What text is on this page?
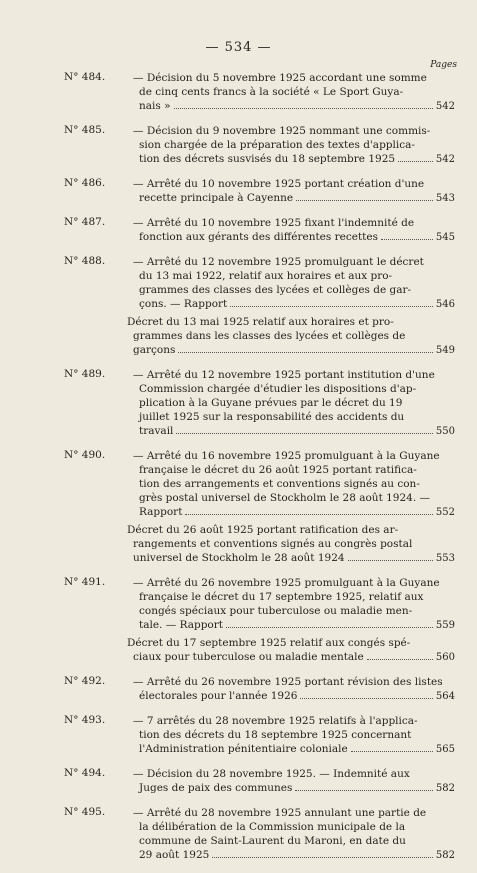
— 534 —
Pages
N° 484.	— Décision du 5 novembre 1925 accordant une somme
de cinq cents francs à la société « Le Sport Guya-
nais »	542
N° 485.	— Décision du 9 novembre 1925 nommant une commis-
sion chargée de la préparation des textes d'applica-
tion des décrets susvisés du 18 septembre 1925	542
N° 486.	— Arrêté du 10 novembre 1925 portant création d'une
recette principale à Cayenne	543
N° 487.	— Arrêté du 10 novembre 1925 fixant l'indemnité de
fonction aux gérants des différentes recettes	545
N° 488.	— Arrêté du 12 novembre 1925 promulguant le décret
du 13 mai 1922, relatif aux horaires et aux pro-
grammes des classes des lycées et collèges de gar-
çons. — Rapport	546
Décret du 13 mai 1925 relatif aux horaires et pro-
grammes dans les classes des lycées et collèges de
garçons	549
N° 489.	— Arrêté du 12 novembre 1925 portant institution d'une
Commission chargée d'étudier les dispositions d'ap-
plication à la Guyane prévues par le décret du 19
juillet 1925 sur la responsabilité des accidents du
travail	550
N° 490.	— Arrêté du 16 novembre 1925 promulguant à la Guyane
française le décret du 26 août 1925 portant ratifica-
tion des arrangements et conventions signés au con-
grès postal universel de Stockholm le 28 août 1924. —
Rapport	552
Décret du 26 août 1925 portant ratification des ar-
rangements et conventions signés au congrès postal
universel de Stockholm le 28 août 1924	553
N° 491.	— Arrêté du 26 novembre 1925 promulguant à la Guyane
française le décret du 17 septembre 1925, relatif aux
congés spéciaux pour tuberculose ou maladie men-
tale. — Rapport	559
Décret du 17 septembre 1925 relatif aux congés spé-
ciaux pour tuberculose ou maladie mentale	560
N° 492.	— Arrêté du 26 novembre 1925 portant révision des listes
électorales pour l'année 1926	564
N° 493.	— 7 arrêtés du 28 novembre 1925 relatifs à l'applica-
tion des décrets du 18 septembre 1925 concernant
l'Administration pénitentiaire coloniale	565
N° 494.	— Décision du 28 novembre 1925. — Indemnité aux
Juges de paix des communes	582
N° 495.	— Arrêté du 28 novembre 1925 annulant une partie de
la délibération de la Commission municipale de la
commune de Saint-Laurent du Maroni, en date du
29 août 1925	582
